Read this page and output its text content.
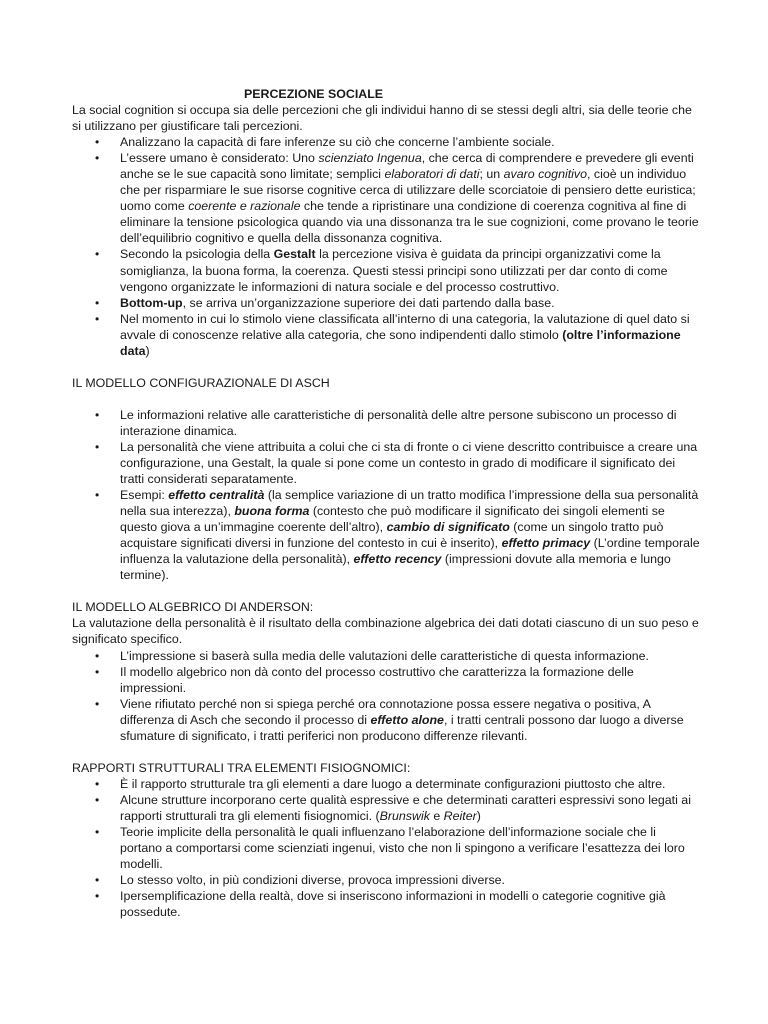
PERCEZIONE SOCIALE

La social cognition si occupa sia delle percezioni che gli individui hanno di se stessi degli altri, sia delle teorie che si utilizzano per giustificare tali percezioni.

• Analizzano la capacità di fare inferenze su ciò che concerne l’ambiente sociale.
• L’essere umano è considerato: Uno scienziato Ingenua, che cerca di comprendere e prevedere gli eventi anche se le sue capacità sono limitate; semplici elaboratori di dati; un avaro cognitivo, cioè un individuo che per risparmiare le sue risorse cognitive cerca di utilizzare delle scorciatoie di pensiero dette euristica; uomo come coerente e razionale che tende a ripristinare una condizione di coerenza cognitiva al fine di eliminare la tensione psicologica quando via una dissonanza tra le sue cognizioni, come provano le teorie dell’equilibrio cognitivo e quella della dissonanza cognitiva.
• Secondo la psicologia della Gestalt la percezione visiva è guidata da principi organizzativi come la somiglianza, la buona forma, la coerenza. Questi stessi principi sono utilizzati per dar conto di come vengono organizzate le informazioni di natura sociale e del processo costruttivo.
• Bottom-up, se arriva un’organizzazione superiore dei dati partendo dalla base.
• Nel momento in cui lo stimolo viene classificata all’interno di una categoria, la valutazione di quel dato si avvale di conoscenze relative alla categoria, che sono indipendenti dallo stimolo (oltre l’informazione data)

IL MODELLO CONFIGURAZIONALE DI ASCH

• Le informazioni relative alle caratteristiche di personalità delle altre persone subiscono un processo di interazione dinamica.
• La personalità che viene attribuita a colui che ci sta di fronte o ci viene descritto contribuisce a creare una configurazione, una Gestalt, la quale si pone come un contesto in grado di modificare il significato dei tratti considerati separatamente.
• Esempi: effetto centralità (la semplice variazione di un tratto modifica l’impressione della sua personalità nella sua interezza), buona forma (contesto che può modificare il significato dei singoli elementi se questo giova a un’immagine coerente dell’altro), cambio di significato (come un singolo tratto può acquistare significati diversi in funzione del contesto in cui è inserito), effetto primacy (L’ordine temporale influenza la valutazione della personalità), effetto recency (impressioni dovute alla memoria e lungo termine).

IL MODELLO ALGEBRICO DI ANDERSON:

La valutazione della personalità è il risultato della combinazione algebrica dei dati dotati ciascuno di un suo peso e significato specifico.

• L’impressione si baserà sulla media delle valutazioni delle caratteristiche di questa informazione.
• Il modello algebrico non dà conto del processo costruttivo che caratterizza la formazione delle impressioni.
• Viene rifiutato perché non si spiega perché ora connotazione possa essere negativa o positiva, A differenza di Asch che secondo il processo di effetto alone, i tratti centrali possono dar luogo a diverse sfumature di significato, i tratti periferici non producono differenze rilevanti.

RAPPORTI STRUTTURALI TRA ELEMENTI FISIOGNOMICI:

• È il rapporto strutturale tra gli elementi a dare luogo a determinate configurazioni piuttosto che altre.
• Alcune strutture incorporano certe qualità espressive e che determinati caratteri espressivi sono legati ai rapporti strutturali tra gli elementi fisiognomici. (Brunswik e Reiter)
• Teorie implicite della personalità le quali influenzano l’elaborazione dell’informazione sociale che li portano a comportarsi come scienziati ingenui, visto che non li spingono a verificare l’esattezza dei loro modelli.
• Lo stesso volto, in più condizioni diverse, provoca impressioni diverse.
• Ipersemplificazione della realtà, dove si inseriscono informazioni in modelli o categorie cognitive già possedute.
